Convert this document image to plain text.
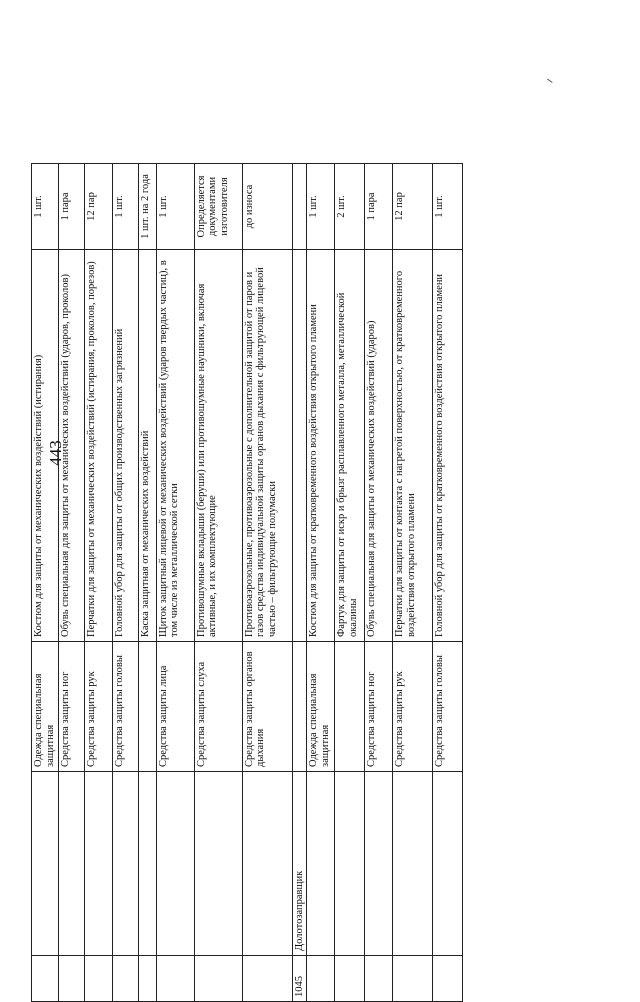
443
		Одежда специальная защитная	Костюм для защиты от механических воздействий (истирания)	1 шт.
		Средства защиты ног	Обувь специальная для защиты от механических воздействий (ударов, проколов)	1 пара
		Средства защиты рук	Перчатки для защиты от механических воздействий (истирания, проколов, порезов)	12 пар
		Средства защиты головы	Головной убор для защиты от общих производственных загрязнений	1 шт.
			Каска защитная от механических воздействий	1 шт. на 2 года
		Средства защиты лица	Щиток защитный лицевой от механических воздействий (ударов твердых частиц), в том числе из металлической сетки	1 шт.
		Средства защиты слуха	Противошумные вкладыши (беруши) или противошумные наушники, включая активные, и их комплектующие	Определяется документами изготовителя
		Средства защиты органов дыхания	Противоаэрозольные, противоаэрозольные с дополнительной защитой от паров и газов средства индивидуальной защиты органов дыхания с фильтрующей лицевой частью – фильтрующие полумаски	до износа
1045	Долотозаправщик			
		Одежда специальная защитная	Костюм для защиты от кратковременного воздействия открытого пламени	1 шт.
			Фартук для защиты от искр и брызг расплавленного металла, металлической окалины	2 шт.
		Средства защиты ног	Обувь специальная для защиты от механических воздействий (ударов)	1 пара
		Средства защиты рук	Перчатки для защиты от контакта с нагретой поверхностью, от кратковременного воздействия открытого пламени	12 пар
		Средства защиты головы	Головной убор для защиты от кратковременного воздействия открытого пламени	1 шт.
